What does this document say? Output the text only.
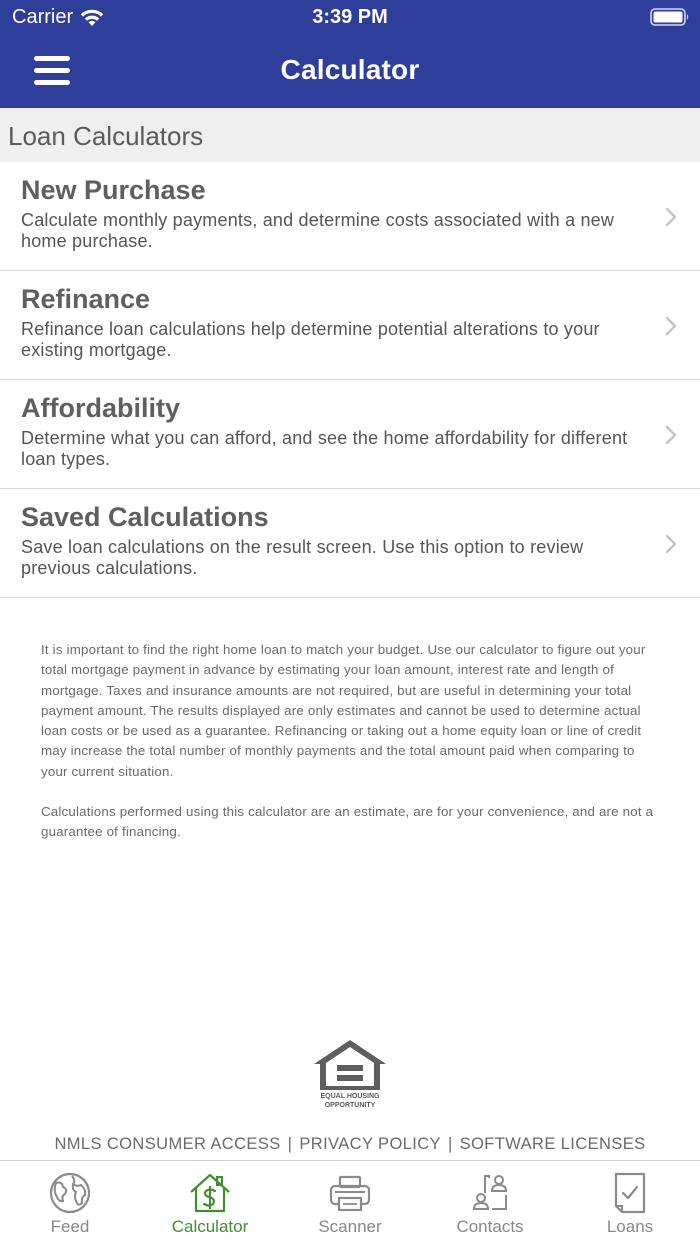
Carrier	3:39 PM
Calculator
Loan Calculators
New Purchase
Calculate monthly payments, and determine costs associated with a new home purchase.
Refinance
Refinance loan calculations help determine potential alterations to your existing mortgage.
Affordability
Determine what you can afford, and see the home affordability for different loan types.
Saved Calculations
Save loan calculations on the result screen. Use this option to review previous calculations.

It is important to find the right home loan to match your budget. Use our calculator to figure out your total mortgage payment in advance by estimating your loan amount, interest rate and length of mortgage. Taxes and insurance amounts are not required, but are useful in determining your total payment amount. The results displayed are only estimates and cannot be used to determine actual loan costs or be used as a guarantee. Refinancing or taking out a home equity loan or line of credit may increase the total number of monthly payments and the total amount paid when comparing to your current situation.

Calculations performed using this calculator are an estimate, are for your convenience, and are not a guarantee of financing.

EQUAL HOUSING
OPPORTUNITY
NMLS CONSUMER ACCESS | PRIVACY POLICY | SOFTWARE LICENSES
Feed	Calculator	Scanner	Contacts	Loans
